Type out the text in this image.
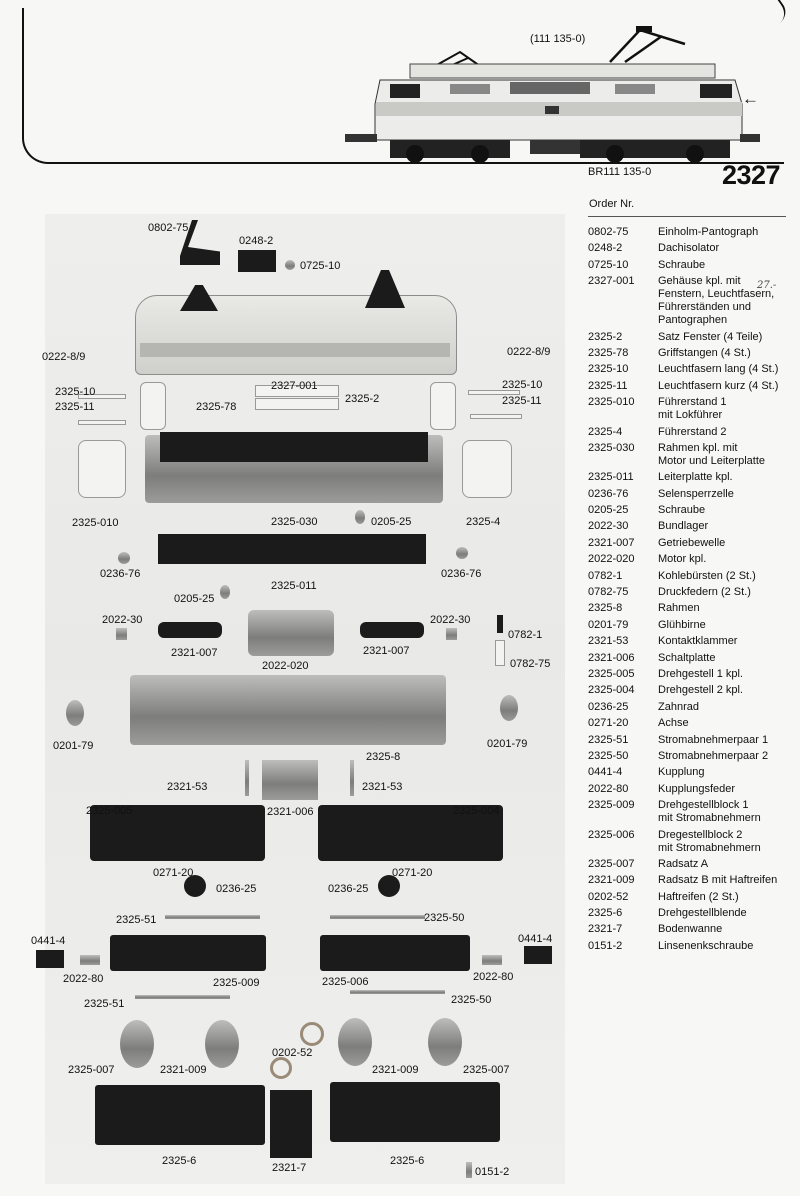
(111 135-0)
←
BR111 135-0	2327
0802-75
0248-2
0725-10
0222-8/9	0222-8/9
2325-10
2325-11	2325-78
2327-001
2325-2
2325-10
2325-11
2325-010	2325-030	0205-25	2325-4
0236-76	0236-76
2325-011
0205-25
2022-30	2022-30
0782-1
2321-007	2321-007
2022-020	0782-75
0201-79	0201-79
2325-8
2321-53	2321-53
2325-005	2321-006	2325-004
0271-20
0236-25	0236-25
0271-20
2325-51	2325-50
0441-4	0441-4
2022-80	2325-009	2325-006	2022-80
2325-51	2325-50
0202-52
2325-007	2321-009	2321-009	2325-007
2325-6
2321-7
2325-6
0151-2
Order Nr.
27.-
0802-75	Einholm-Pantograph
0248-2	Dachisolator
0725-10	Schraube
2327-001	Gehäuse kpl. mit
Fenstern, Leuchtfasern,
Führerständen und
Pantographen
2325-2	Satz Fenster (4 Teile)
2325-78	Griffstangen (4 St.)
2325-10	Leuchtfasern lang (4 St.)
2325-11	Leuchtfasern kurz (4 St.)
2325-010	Führerstand 1
mit Lokführer
2325-4	Führerstand 2
2325-030	Rahmen kpl. mit
Motor und Leiterplatte
2325-011	Leiterplatte kpl.
0236-76	Selensperrzelle
0205-25	Schraube
2022-30	Bundlager
2321-007	Getriebewelle
2022-020	Motor kpl.
0782-1	Kohlebürsten (2 St.)
0782-75	Druckfedern (2 St.)
2325-8	Rahmen
0201-79	Glühbirne
2321-53	Kontaktklammer
2321-006	Schaltplatte
2325-005	Drehgestell 1 kpl.
2325-004	Drehgestell 2 kpl.
0236-25	Zahnrad
0271-20	Achse
2325-51	Stromabnehmerpaar 1
2325-50	Stromabnehmerpaar 2
0441-4	Kupplung
2022-80	Kupplungsfeder
2325-009	Drehgestellblock 1
mit Stromabnehmern
2325-006	Dregestellblock 2
mit Stromabnehmern
2325-007	Radsatz A
2321-009	Radsatz B mit Haftreifen
0202-52	Haftreifen (2 St.)
2325-6	Drehgestellblende
2321-7	Bodenwanne
0151-2	Linsenenkschraube
